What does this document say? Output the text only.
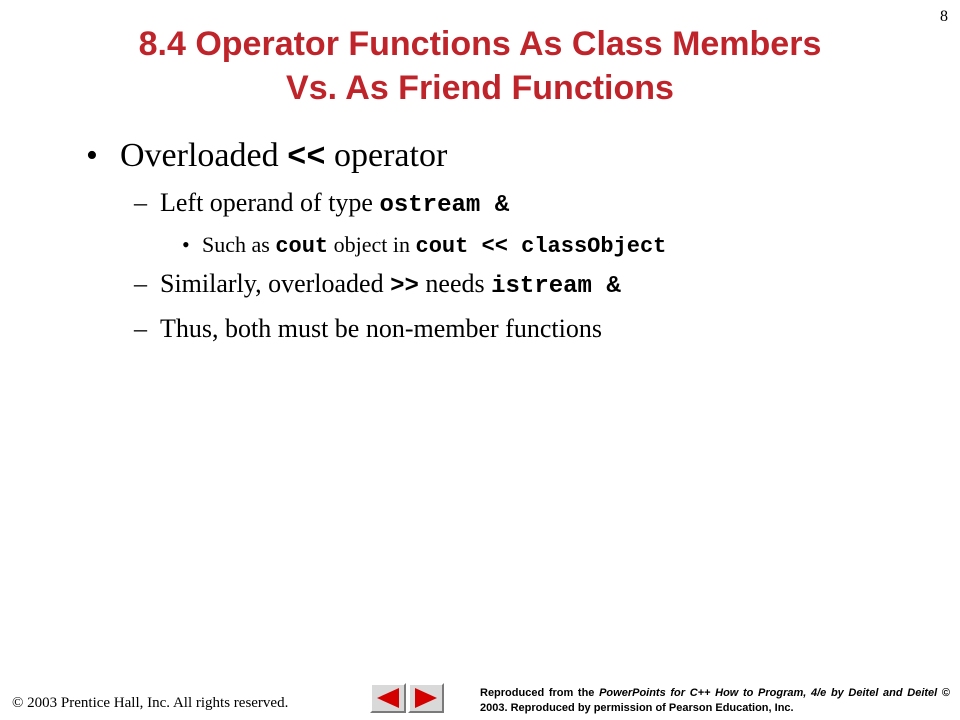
8
8.4 Operator Functions As Class Members
Vs. As Friend Functions
• Overloaded << operator
– Left operand of type ostream &
• Such as cout object in cout << classObject
– Similarly, overloaded >> needs istream &
– Thus, both must be non-member functions
© 2003 Prentice Hall, Inc. All rights reserved.
Reproduced from the PowerPoints for C++ How to Program, 4/e by Deitel and Deitel © 2003. Reproduced by permission of Pearson Education, Inc.
